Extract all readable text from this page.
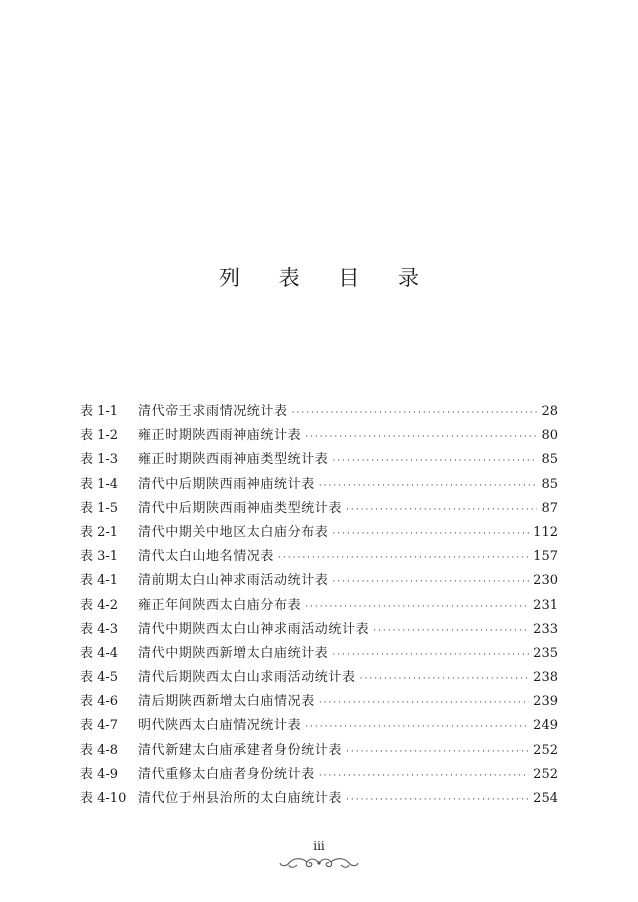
列 表 目 录
表 1-1	清代帝王求雨情况统计表 ·····	28
表 1-2	雍正时期陕西雨神庙统计表 ·····	80
表 1-3	雍正时期陕西雨神庙类型统计表 ·····	85
表 1-4	清代中后期陕西雨神庙统计表 ·····	85
表 1-5	清代中后期陕西雨神庙类型统计表 ·····	87
表 2-1	清代中期关中地区太白庙分布表 ·····	112
表 3-1	清代太白山地名情况表 ·····	157
表 4-1	清前期太白山神求雨活动统计表 ·····	230
表 4-2	雍正年间陕西太白庙分布表 ·····	231
表 4-3	清代中期陕西太白山神求雨活动统计表 ·····	233
表 4-4	清代中期陕西新增太白庙统计表 ·····	235
表 4-5	清代后期陕西太白山求雨活动统计表 ·····	238
表 4-6	清后期陕西新增太白庙情况表 ·····	239
表 4-7	明代陕西太白庙情况统计表 ·····	249
表 4-8	清代新建太白庙承建者身份统计表 ·····	252
表 4-9	清代重修太白庙者身份统计表 ·····	252
表 4-10 清代位于州县治所的太白庙统计表 ·····	254
iii
